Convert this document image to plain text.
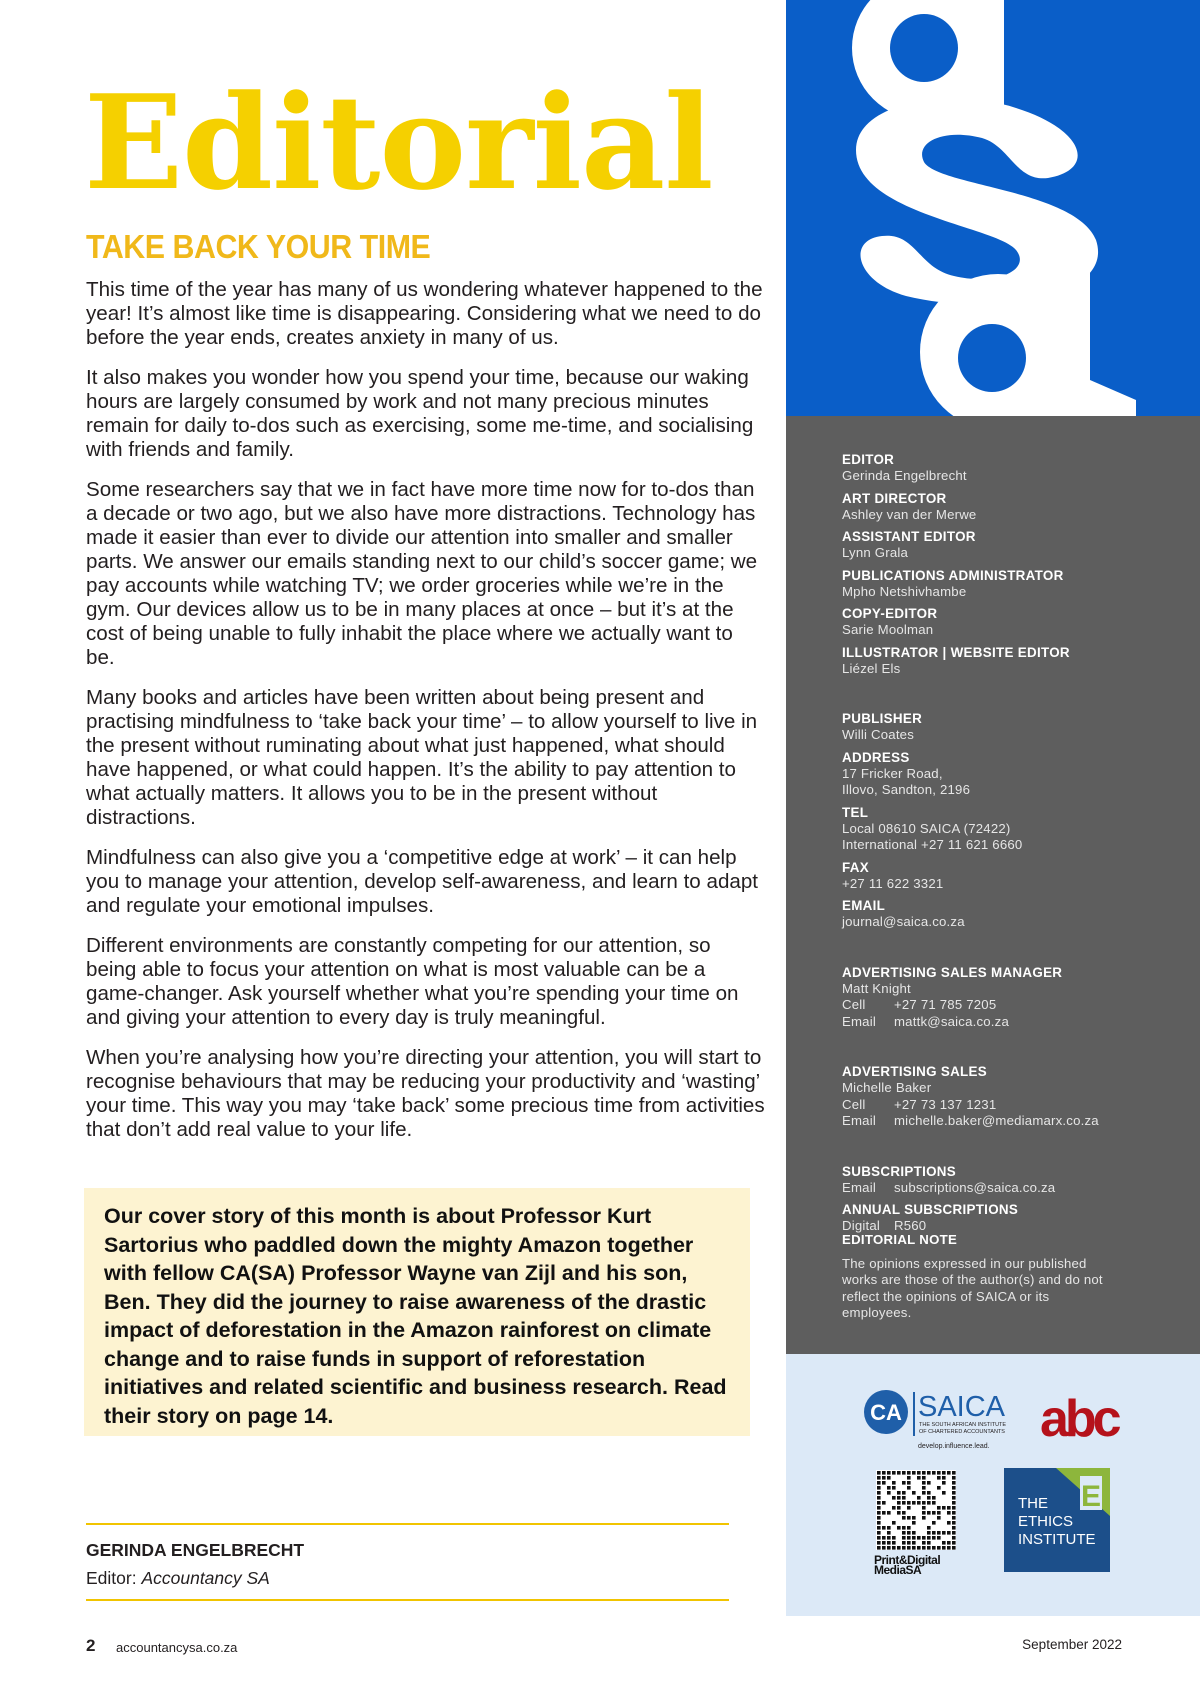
Editorial
TAKE BACK YOUR TIME

This time of the year has many of us wondering whatever happened to the year! It’s almost like time is disappearing. Considering what we need to do before the year ends, creates anxiety in many of us.

It also makes you wonder how you spend your time, because our waking hours are largely consumed by work and not many precious minutes remain for daily to-dos such as exercising, some me-time, and socialising with friends and family.

Some researchers say that we in fact have more time now for to-dos than a decade or two ago, but we also have more distractions. Technology has made it easier than ever to divide our attention into smaller and smaller parts. We answer our emails standing next to our child’s soccer game; we pay accounts while watching TV; we order groceries while we’re in the gym. Our devices allow us to be in many places at once – but it’s at the cost of being unable to fully inhabit the place where we actually want to be.

Many books and articles have been written about being present and practising mindfulness to ‘take back your time’ – to allow yourself to live in the present without ruminating about what just happened, what should have happened, or what could happen. It’s the ability to pay attention to what actually matters. It allows you to be in the present without distractions.

Mindfulness can also give you a ‘competitive edge at work’ – it can help you to manage your attention, develop self-awareness, and learn to adapt and regulate your emotional impulses.

Different environments are constantly competing for our attention, so being able to focus your attention on what is most valuable can be a game-changer. Ask yourself whether what you’re spending your time on and giving your attention to every day is truly meaningful.

When you’re analysing how you’re directing your attention, you will start to recognise behaviours that may be reducing your productivity and ‘wasting’ your time. This way you may ‘take back’ some precious time from activities that don’t add real value to your life.

Our cover story of this month is about Professor Kurt Sartorius who paddled down the mighty Amazon together with fellow CA(SA) Professor Wayne van Zijl and his son, Ben. They did the journey to raise awareness of the drastic impact of deforestation in the Amazon rainforest on climate change and to raise funds in support of reforestation initiatives and related scientific and business research. Read their story on page 14.

GERINDA ENGELBRECHT
Editor: Accountancy SA
2 accountancysa.co.za	September 2022
EDITOR
Gerinda Engelbrecht
ART DIRECTOR
Ashley van der Merwe
ASSISTANT EDITOR
Lynn Grala
PUBLICATIONS ADMINISTRATOR
Mpho Netshivhambe
COPY-EDITOR
Sarie Moolman
ILLUSTRATOR | WEBSITE EDITOR
Liézel Els
PUBLISHER
Willi Coates
ADDRESS
17 Fricker Road,
Illovo, Sandton, 2196
TEL
Local 08610 SAICA (72422)
International +27 11 621 6660
FAX
+27 11 622 3321
EMAIL
journal@saica.co.za
ADVERTISING SALES MANAGER
Matt Knight
Cell +27 71 785 7205
Email mattk@saica.co.za
ADVERTISING SALES
Michelle Baker
Cell +27 73 137 1231
Email michelle.baker@mediamarx.co.za
SUBSCRIPTIONS
Email subscriptions@saica.co.za
ANNUAL SUBSCRIPTIONS
Digital R560
EDITORIAL NOTE
The opinions expressed in our published works are those of the author(s) and do not reflect the opinions of SAICA or its employees.
CA SAICA
THE SOUTH AFRICAN INSTITUTE
OF CHARTERED ACCOUNTANTS
develop.influence.lead. abc
Print&Digital
MediaSA
E
THE
ETHICS
INSTITUTE
